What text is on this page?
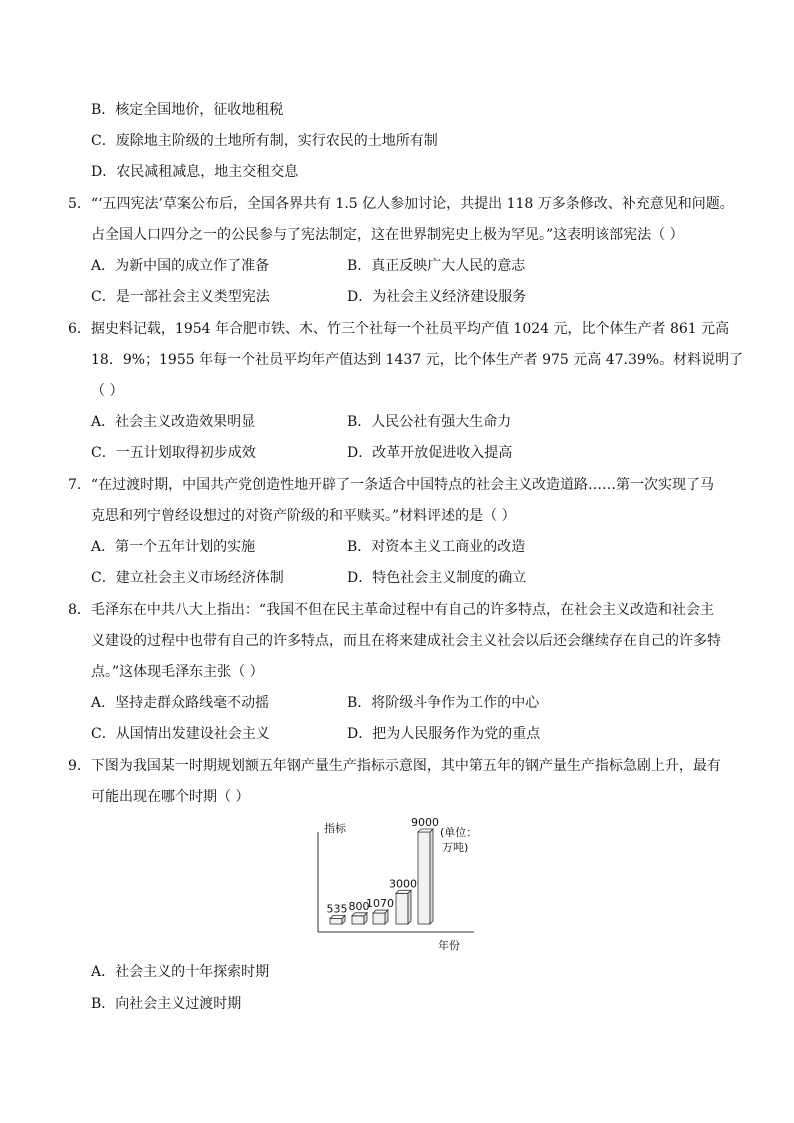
B．核定全国地价，征收地租税
C．废除地主阶级的土地所有制，实行农民的土地所有制
D．农民减租减息，地主交租交息
5．“‘五四宪法’草案公布后，全国各界共有 1.5 亿人参加讨论，共提出 118 万多条修改、补充意见和问题。
占全国人口四分之一的公民参与了宪法制定，这在世界制宪史上极为罕见。”这表明该部宪法（ ）
A．为新中国的成立作了准备	B．真正反映广大人民的意志
C．是一部社会主义类型宪法	D．为社会主义经济建设服务
6．据史料记载，1954 年合肥市铁、木、竹三个社每一个社员平均产值 1024 元，比个体生产者 861 元高
18．9%；1955 年每一个社员平均年产值达到 1437 元，比个体生产者 975 元高 47.39%。材料说明了
（ ）
A．社会主义改造效果明显	B．人民公社有强大生命力
C．一五计划取得初步成效	D．改革开放促进收入提高
7．“在过渡时期，中国共产党创造性地开辟了一条适合中国特点的社会主义改造道路……第一次实现了马
克思和列宁曾经设想过的对资产阶级的和平赎买。”材料评述的是（ ）
A．第一个五年计划的实施	B．对资本主义工商业的改造
C．建立社会主义市场经济体制	D．特色社会主义制度的确立
8．毛泽东在中共八大上指出：“我国不但在民主革命过程中有自己的许多特点，在社会主义改造和社会主
义建设的过程中也带有自己的许多特点，而且在将来建成社会主义社会以后还会继续存在自己的许多特
点。”这体现毛泽东主张（ ）
A．坚持走群众路线毫不动摇	B．将阶级斗争作为工作的中心
C．从国情出发建设社会主义	D．把为人民服务作为党的重点
9．下图为我国某一时期规划额五年钢产量生产指标示意图，其中第五年的钢产量生产指标急剧上升，最有
可能出现在哪个时期（ ）
535 800
1070
3000
9000
指标
年份
(单位：
万吨)
A．社会主义的十年探索时期
B．向社会主义过渡时期
